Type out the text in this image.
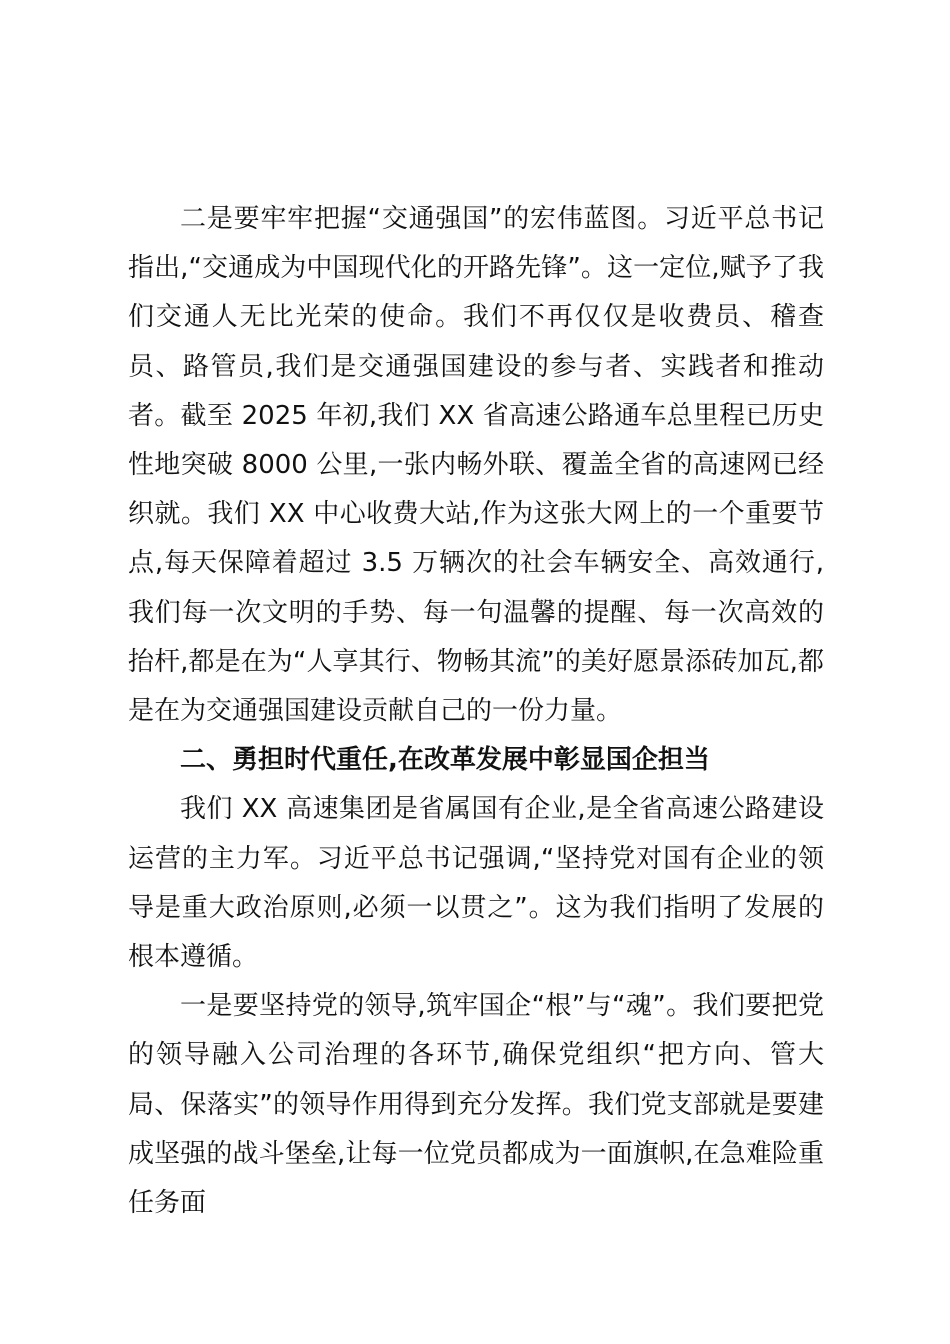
二是要牢牢把握“交通强国”的宏伟蓝图。习近平总书记指出,“交通成为中国现代化的开路先锋”。这一定位,赋予了我们交通人无比光荣的使命。我们不再仅仅是收费员、稽查员、路管员,我们是交通强国建设的参与者、实践者和推动者。截至 2025 年初,我们 XX 省高速公路通车总里程已历史性地突破 8000 公里,一张内畅外联、覆盖全省的高速网已经织就。我们 XX 中心收费大站,作为这张大网上的一个重要节点,每天保障着超过 3.5 万辆次的社会车辆安全、高效通行,我们每一次文明的手势、每一句温馨的提醒、每一次高效的抬杆,都是在为“人享其行、物畅其流”的美好愿景添砖加瓦,都是在为交通强国建设贡献自己的一份力量。

二、勇担时代重任,在改革发展中彰显国企担当

我们 XX 高速集团是省属国有企业,是全省高速公路建设运营的主力军。习近平总书记强调,“坚持党对国有企业的领导是重大政治原则,必须一以贯之”。这为我们指明了发展的根本遵循。

一是要坚持党的领导,筑牢国企“根”与“魂”。我们要把党的领导融入公司治理的各环节,确保党组织“把方向、管大局、保落实”的领导作用得到充分发挥。我们党支部就是要建成坚强的战斗堡垒,让每一位党员都成为一面旗帜,在急难险重任务面
